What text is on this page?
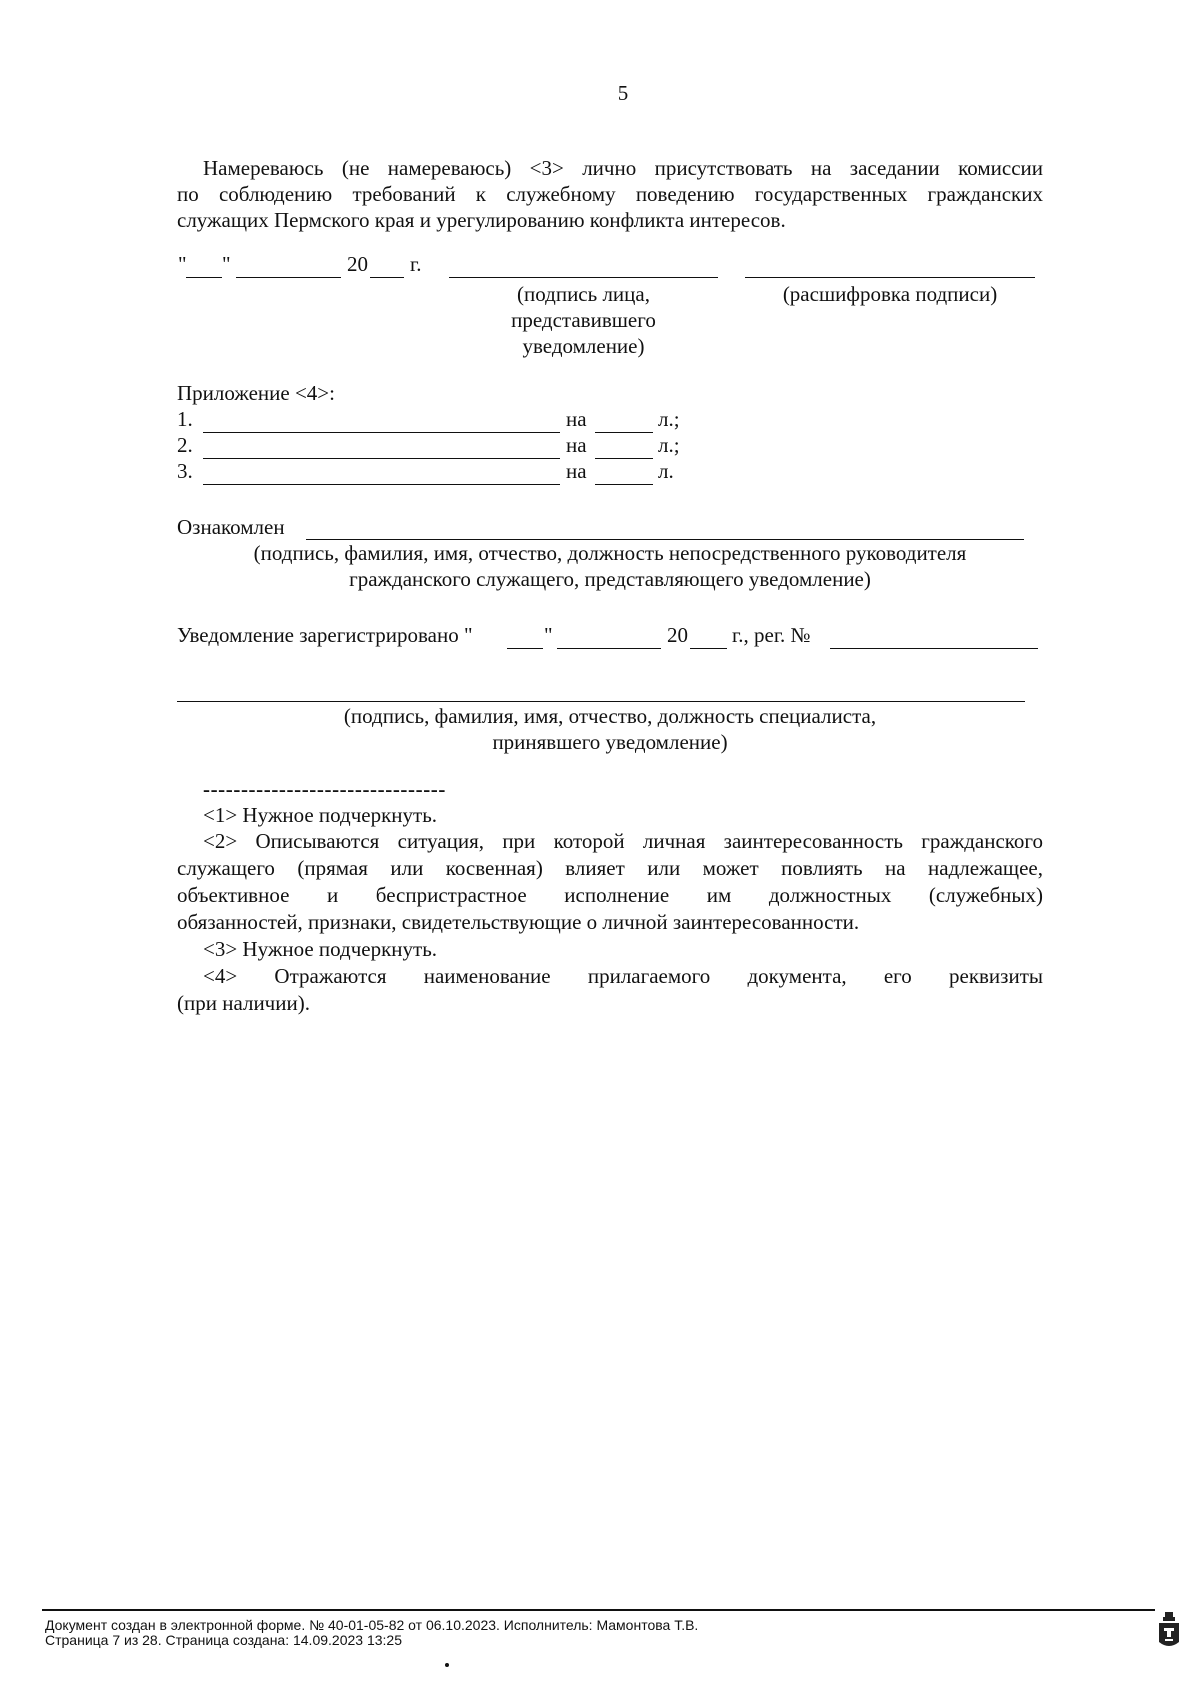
5
Намереваюсь (не намереваюсь) <3> лично присутствовать на заседании комиссии
по соблюдению требований к служебному поведению государственных гражданских
служащих Пермского края и урегулированию конфликта интересов.
" "	20 г.
(подпись лица,
представившего
уведомление)
(расшифровка подписи)
Приложение <4>:
1.	на	л.;
2.	на	л.;
3.	на	л.
Ознакомлен
(подпись, фамилия, имя, отчество, должность непосредственного руководителя
гражданского служащего, представляющего уведомление)
Уведомление зарегистрировано "	"	20 г., рег. №
(подпись, фамилия, имя, отчество, должность специалиста,
принявшего уведомление)
--------------------------------
<1> Нужное подчеркнуть.
<2> Описываются ситуация, при которой личная заинтересованность гражданского
служащего (прямая или косвенная) влияет или может повлиять на надлежащее,
объективное и беспристрастное исполнение им должностных (служебных)
обязанностей, признаки, свидетельствующие о личной заинтересованности.
<3> Нужное подчеркнуть.
<4> Отражаются наименование прилагаемого документа, его реквизиты
(при наличии).
Документ создан в электронной форме. № 40-01-05-82 от 06.10.2023. Исполнитель: Мамонтова Т.В.
Страница 7 из 28. Страница создана: 14.09.2023 13:25
